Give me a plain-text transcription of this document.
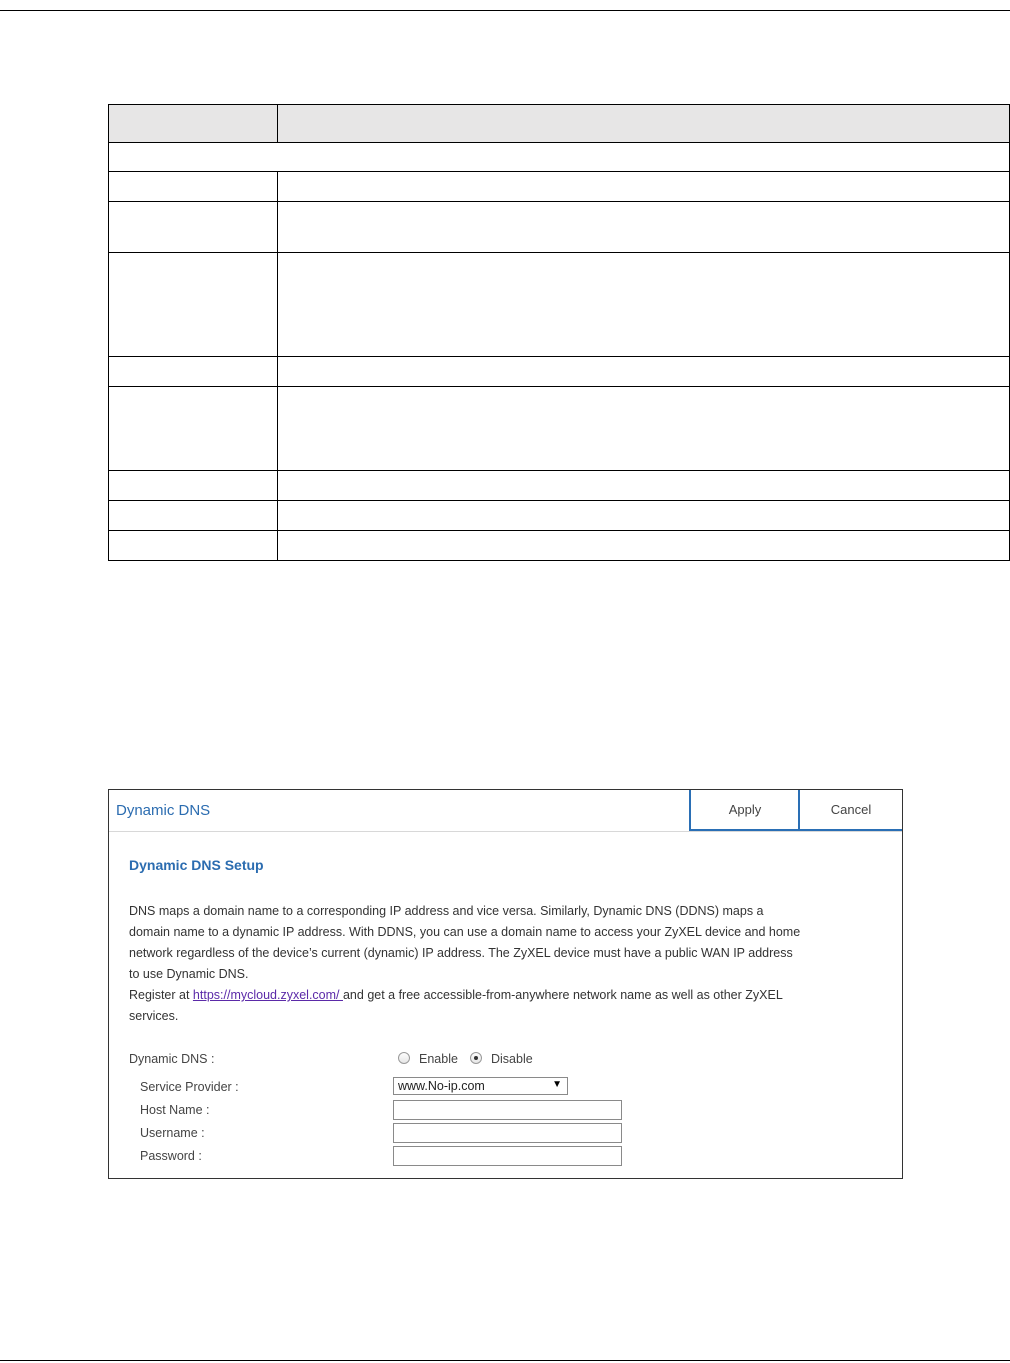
Dynamic DNS	Apply	Cancel
Dynamic DNS Setup

DNS maps a domain name to a corresponding IP address and vice versa. Similarly, Dynamic DNS (DDNS) maps a
domain name to a dynamic IP address. With DDNS, you can use a domain name to access your ZyXEL device and home
network regardless of the device’s current (dynamic) IP address. The ZyXEL device must have a public WAN IP address
to use Dynamic DNS.
Register at https://mycloud.zyxel.com/ and get a free accessible-from-anywhere network name as well as other ZyXEL
services.

Dynamic DNS :	Enable	Disable
Service Provider :	www.No-ip.com	▼
Host Name :
Username :
Password :
